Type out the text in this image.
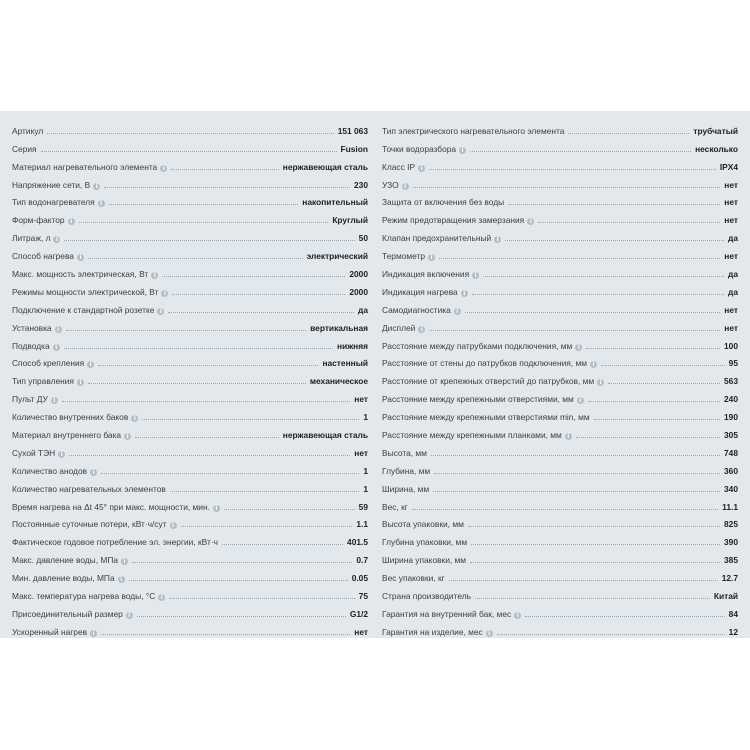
Артикул	151 063
Серия	Fusion
Материал нагревательного элемента i	нержавеющая сталь
Напряжение сети, В i	230
Тип водонагревателя i	накопительный
Форм-фактор i	Круглый
Литраж, л i	50
Способ нагрева i	электрический
Макс. мощность электрическая, Вт i	2000
Режимы мощности электрической, Вт i	2000
Подключение к стандартной розетке i	да
Установка i	вертикальная
Подводка i	нижняя
Способ крепления i	настенный
Тип управления i	механическое
Пульт ДУ i	нет
Количество внутренних баков i	1
Материал внутреннего бака i	нержавеющая сталь
Сухой ТЭН i	нет
Количество анодов i	1
Количество нагревательных элементов	1
Время нагрева на Δt 45° при макс. мощности, мин. i	59
Постоянные суточные потери, кВт·ч/сут i	1.1
Фактическое годовое потребление эл. энергии, кВт·ч	401.5
Макс. давление воды, МПа i	0.7
Мин. давление воды, МПа i	0.05
Макс. температура нагрева воды, °С i	75
Присоединительный размер i	G1/2
Ускоренный нагрев i	нет
Тип электрического нагревательного элемента	трубчатый
Точки водоразбора i	несколько
Класс IP i	IPX4
УЗО i	нет
Защита от включения без воды	нет
Режим предотвращения замерзания i	нет
Клапан предохранительный i	да
Термометр i	нет
Индикация включения i	да
Индикация нагрева i	да
Самодиагностика i	нет
Дисплей i	нет
Расстояние между патрубками подключения, мм i	100
Расстояние от стены до патрубков подключения, мм i	95
Расстояние от крепежных отверстий до патрубков, мм i	563
Расстояние между крепежными отверстиями, мм i	240
Расстояние между крепежными отверстиями min, мм	190
Расстояние между крепежными планками, мм i	305
Высота, мм	748
Глубина, мм	360
Ширина, мм	340
Вес, кг	11.1
Высота упаковки, мм	825
Глубина упаковки, мм	390
Ширина упаковки, мм	385
Вес упаковки, кг	12.7
Страна производитель	Китай
Гарантия на внутренний бак, мес i	84
Гарантия на изделие, мес i	12
